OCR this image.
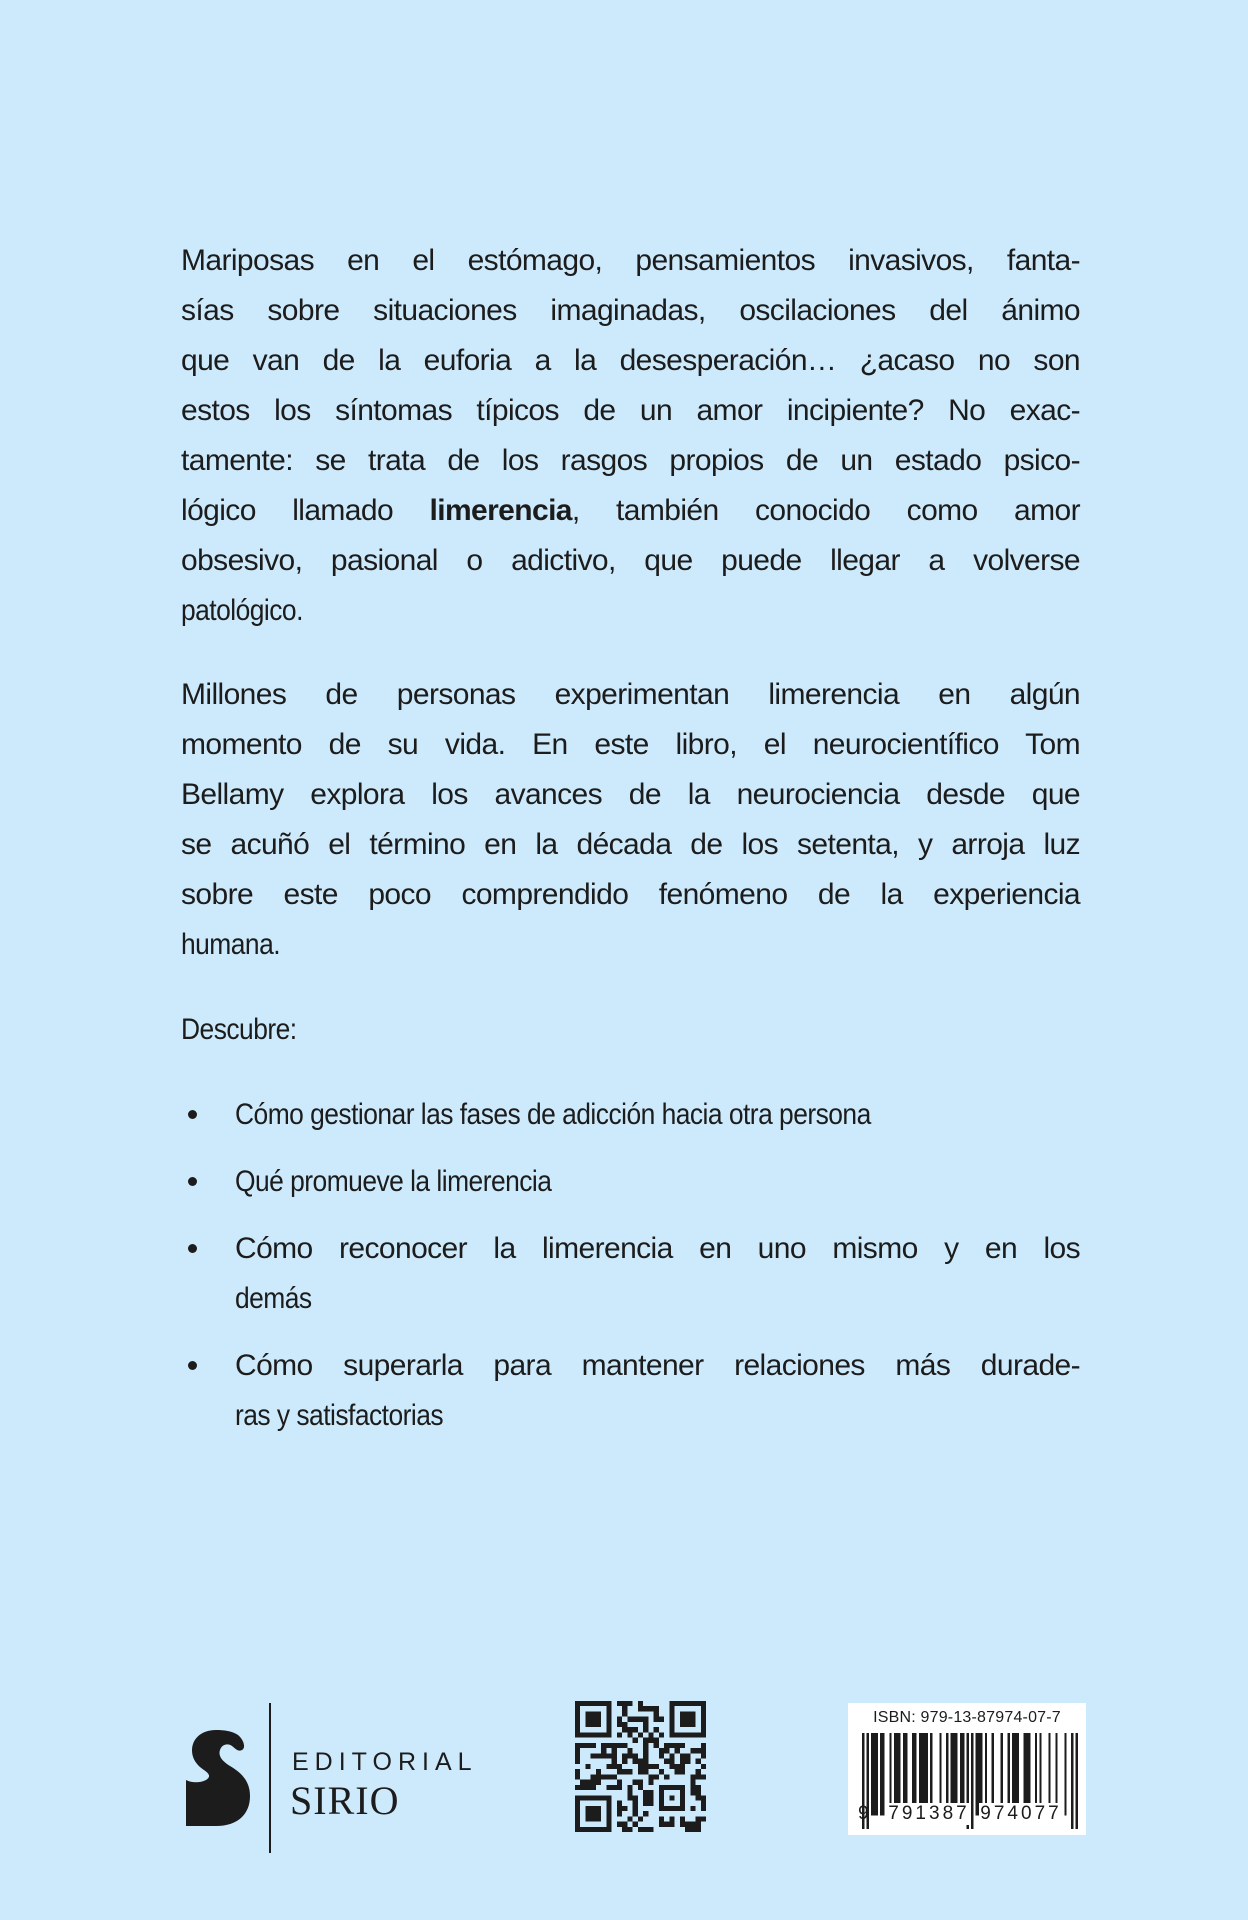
Mariposas en el estómago, pensamientos invasivos, fanta-
sías sobre situaciones imaginadas, oscilaciones del ánimo
que van de la euforia a la desesperación… ¿acaso no son
estos los síntomas típicos de un amor incipiente? No exac-
tamente: se trata de los rasgos propios de un estado psico-
lógico llamado limerencia, también conocido como amor
obsesivo, pasional o adictivo, que puede llegar a volverse
patológico.
Millones de personas experimentan limerencia en algún
momento de su vida. En este libro, el neurocientífico Tom
Bellamy explora los avances de la neurociencia desde que
se acuñó el término en la década de los setenta, y arroja luz
sobre este poco comprendido fenómeno de la experiencia
humana.
Descubre:
Cómo gestionar las fases de adicción hacia otra persona
Qué promueve la limerencia
Cómo reconocer la limerencia en uno mismo y en los
demás
Cómo superarla para mantener relaciones más durade-
ras y satisfactorias
EDITORIAL
SIRIO
ISBN: 979-13-87974-07-7
9 791387 974077
